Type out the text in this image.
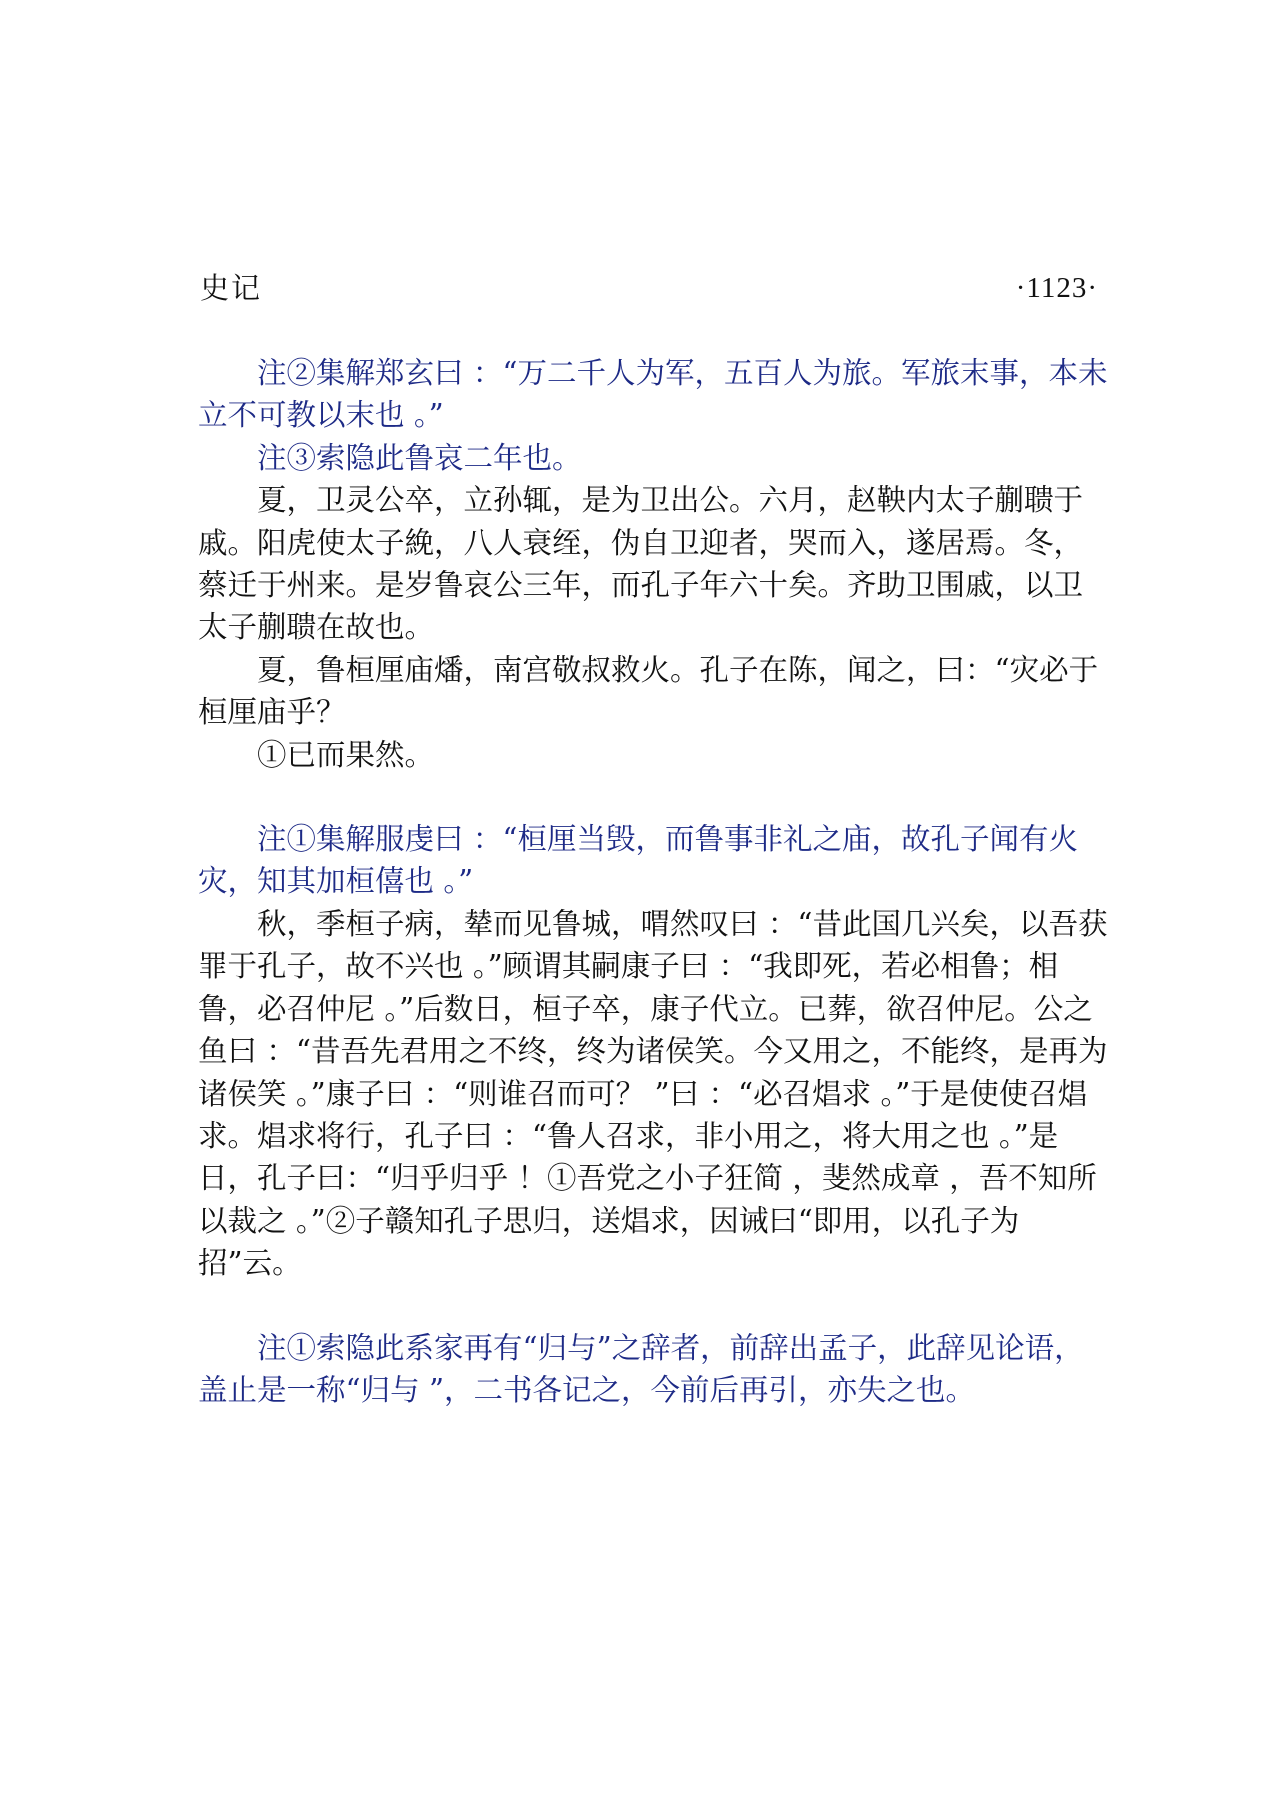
史记	·1123·

注②集解郑玄曰 ：“万二千人为军，五百人为旅。军旅末事，本未立不可教以末也 。”

注③索隐此鲁哀二年也。

夏，卫灵公卒，立孙辄，是为卫出公。六月，赵鞅内太子蒯聩于戚。阳虎使太子絻，八人衰绖，伪自卫迎者，哭而入，遂居焉。冬，蔡迁于州来。是岁鲁哀公三年，而孔子年六十矣。齐助卫围戚，以卫太子蒯聩在故也。

夏，鲁桓厘庙燔，南宫敬叔救火。孔子在陈，闻之，曰：“灾必于桓厘庙乎？

①已而果然。

注①集解服虔曰 ：“桓厘当毁，而鲁事非礼之庙，故孔子闻有火灾，知其加桓僖也 。”

秋，季桓子病，辇而见鲁城，喟然叹曰 ：“昔此国几兴矣，以吾获罪于孔子，故不兴也 。”顾谓其嗣康子曰 ：“我即死，若必相鲁；相鲁，必召仲尼 。”后数日，桓子卒，康子代立。已葬，欲召仲尼。公之鱼曰 ：“昔吾先君用之不终，终为诸侯笑。今又用之，不能终，是再为诸侯笑 。”康子曰 ：“则谁召而可？ ”曰 ：“必召焻求 。”于是使使召焻求。焻求将行，孔子曰 ：“鲁人召求，非小用之，将大用之也 。”是日，孔子曰：“归乎归乎 ！①吾党之小子狂简 ，斐然成章 ，吾不知所以裁之 。”②子赣知孔子思归，送焻求，因诫曰“即用，以孔子为招”云。

注①索隐此系家再有“归与”之辞者，前辞出孟子，此辞见论语，盖止是一称“归与 ”，二书各记之，今前后再引，亦失之也。
